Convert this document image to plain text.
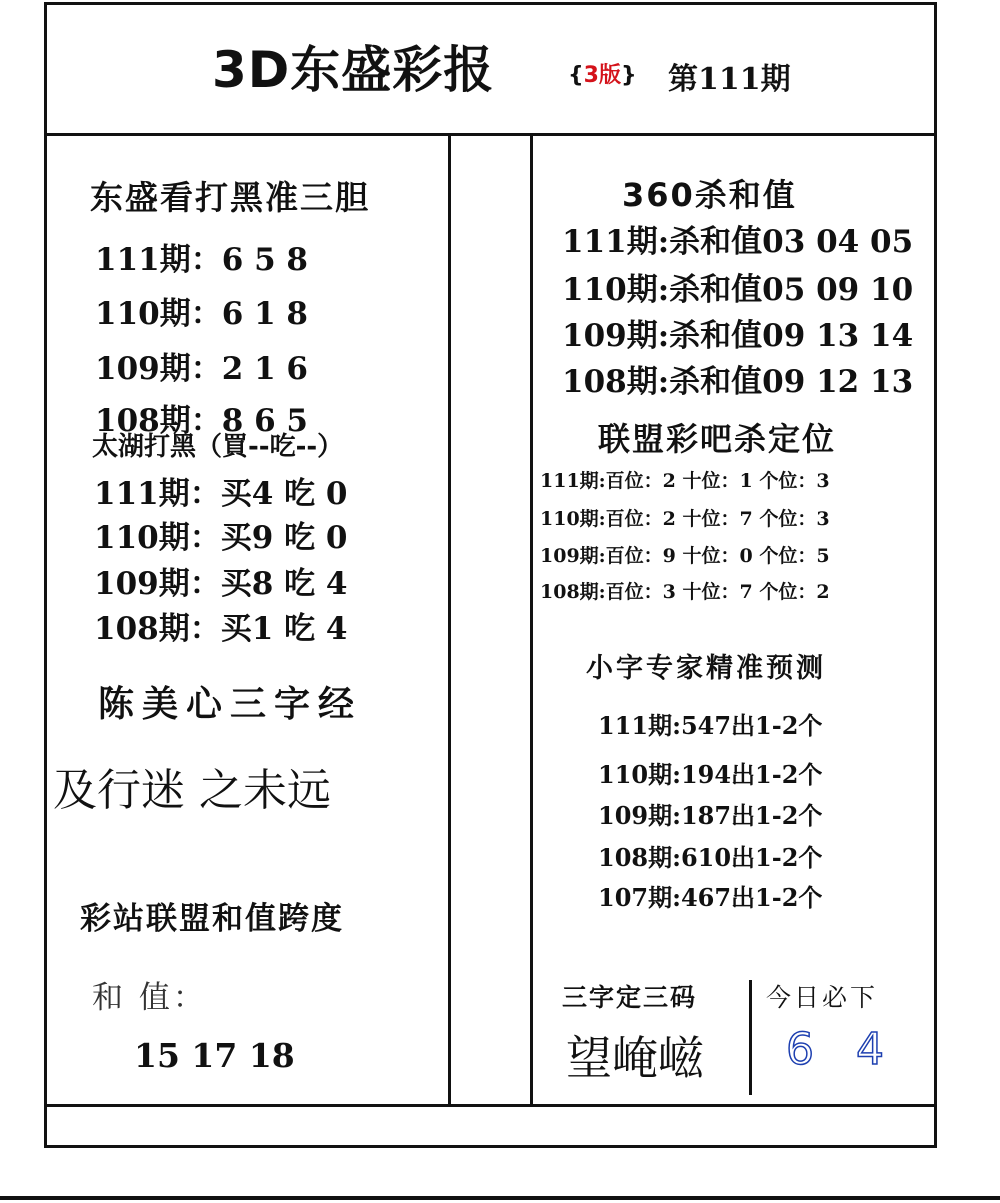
3D东盛彩报	{3版} 第111期
东盛看打黑准三胆
111期：6 5 8
110期：6 1 8
109期：2 1 6
108期：8 6 5
太湖打黑（買--吃--）
111期：买4 吃 0
110期：买9 吃 0
109期：买8 吃 4
108期：买1 吃 4
陈美心三字经
及行迷 之未远
彩站联盟和值跨度
和 值：
15 17 18
360杀和值
111期:杀和值03 04 05
110期:杀和值05 09 10
109期:杀和值09 13 14
108期:杀和值09 12 13
联盟彩吧杀定位
111期:百位：2 十位：1 个位：3
110期:百位：2 十位：7 个位：3
109期:百位：9 十位：0 个位：5
108期:百位：3 十位：7 个位：2
小字专家精准预测
111期:547出1-2个
110期:194出1-2个
109期:187出1-2个
108期:610出1-2个
107期:467出1-2个
三字定三码	今日必下
望崦嵫 6 4
